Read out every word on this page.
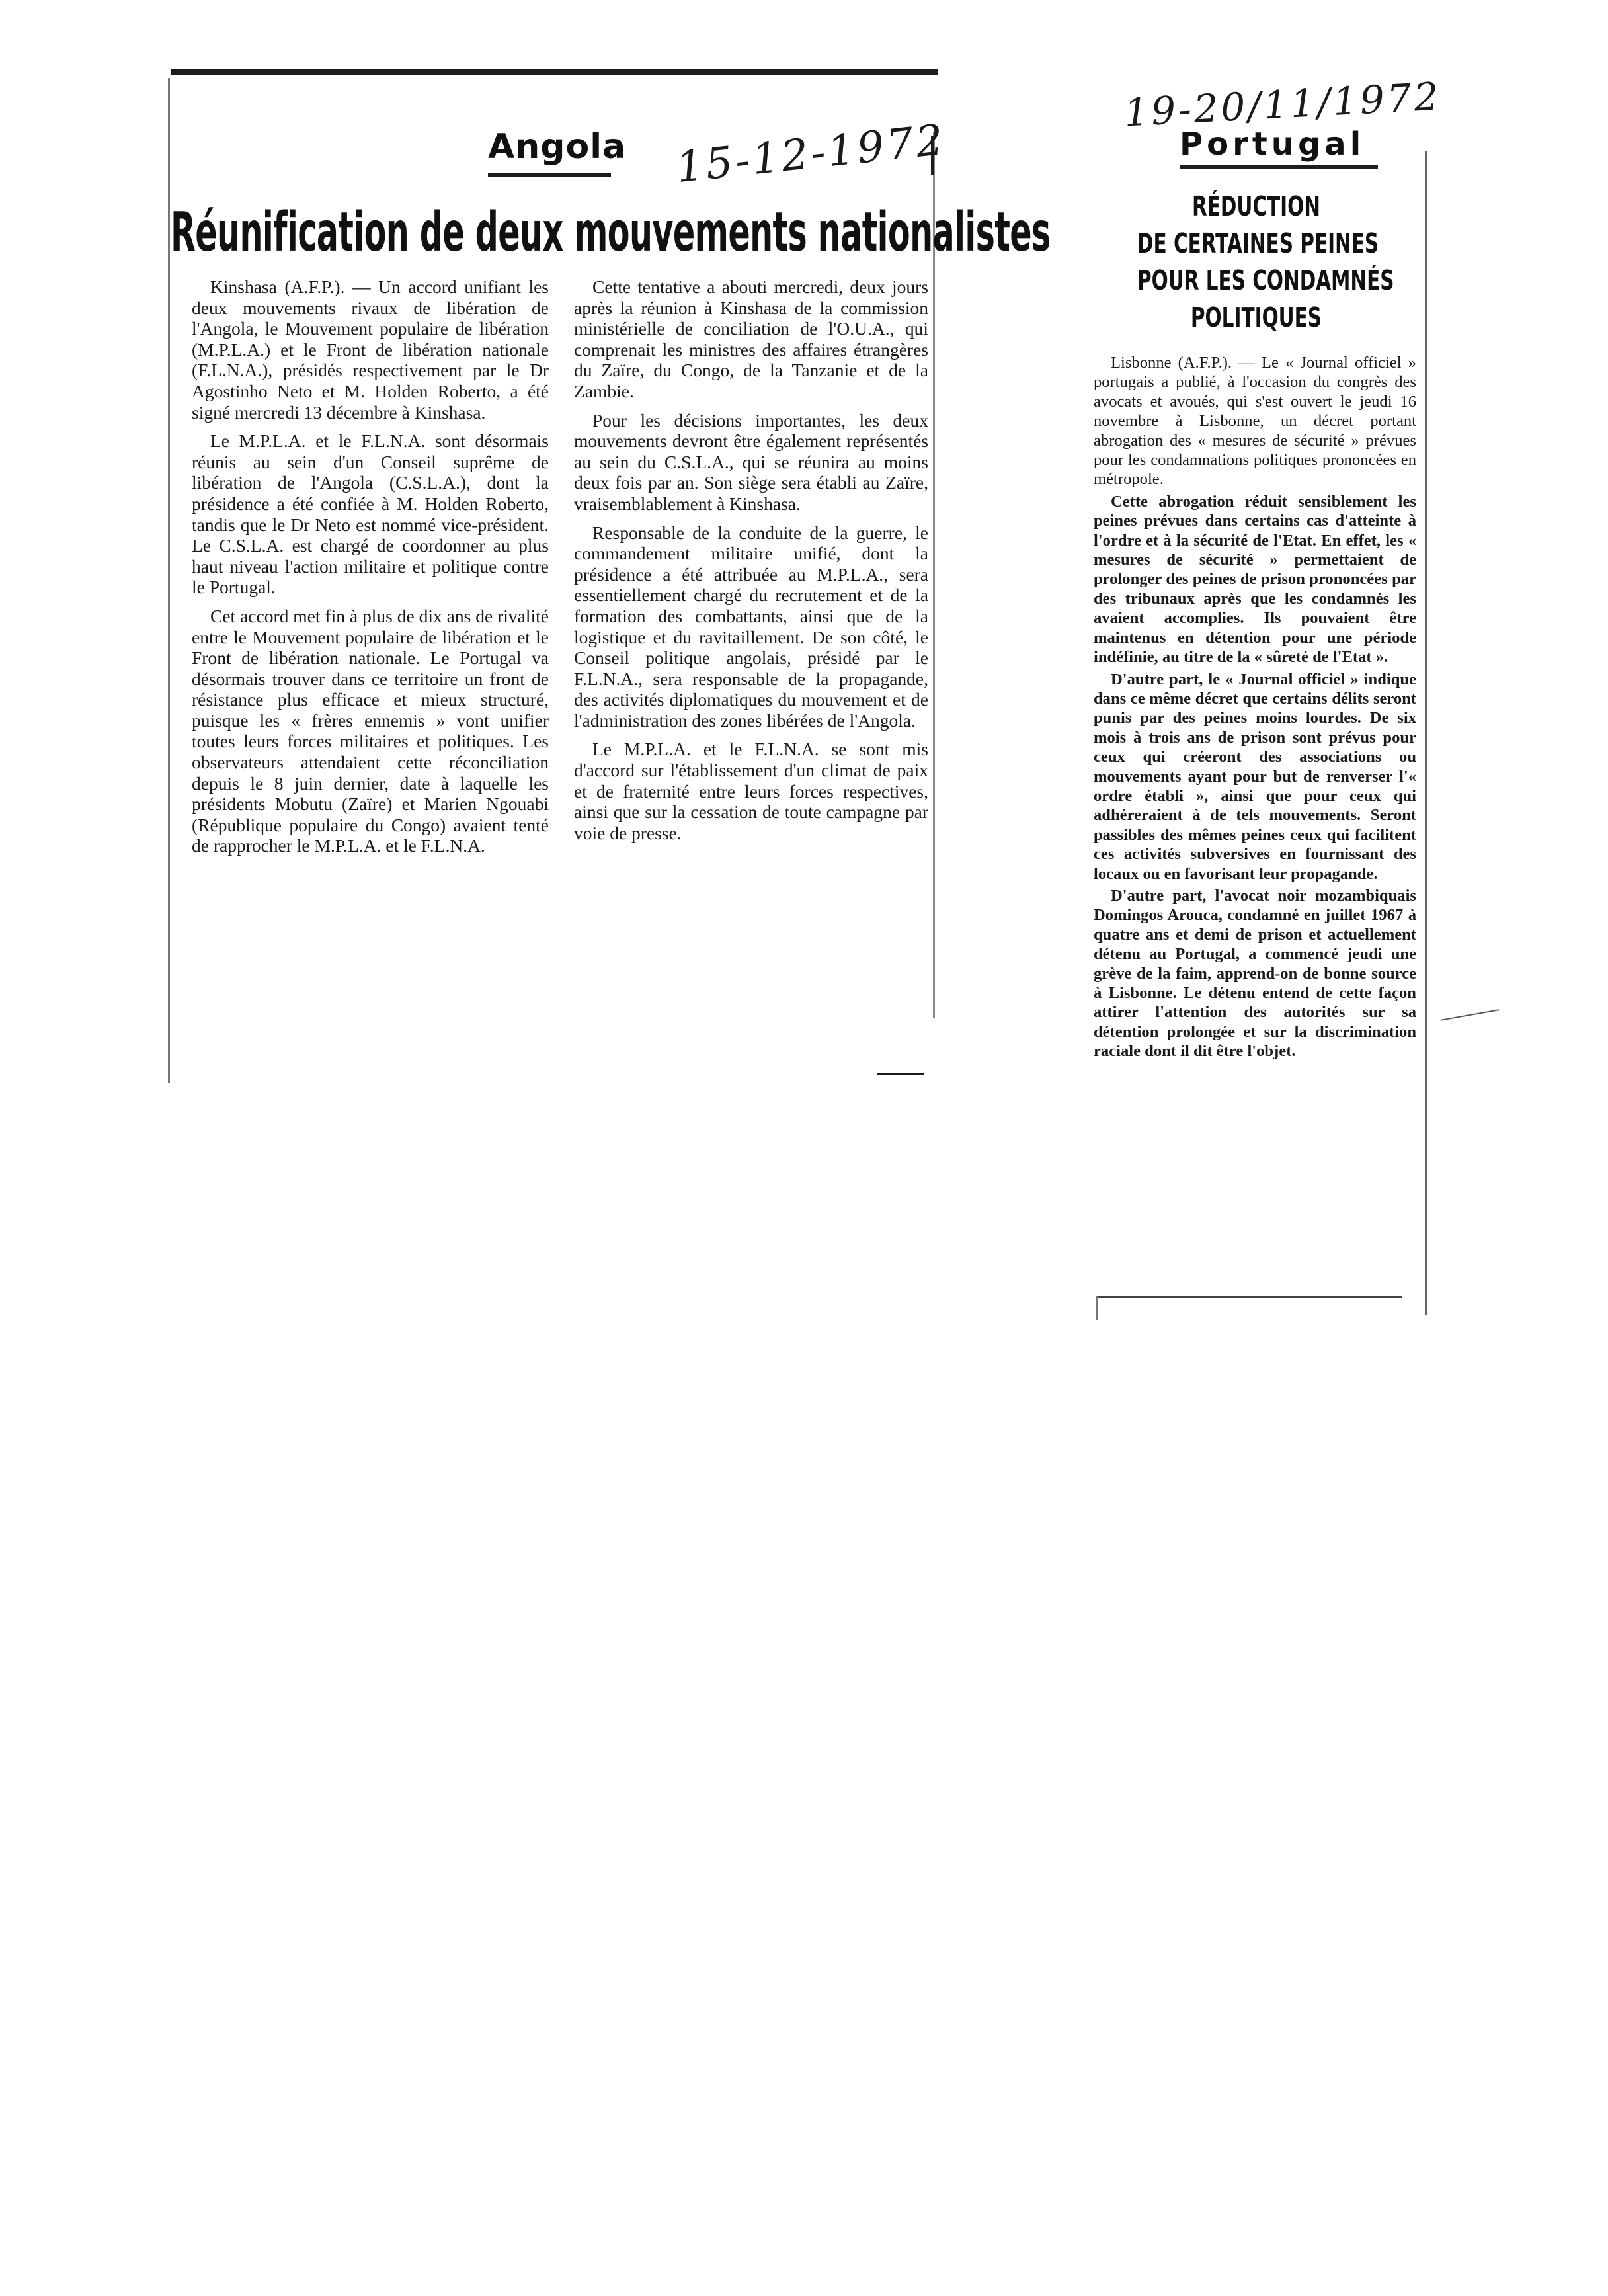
Angola 15-12-1972
Réunification de deux mouvements nationalistes

Kinshasa (A.F.P.). — Un accord unifiant les deux mouvements rivaux de libération de l'Angola, le Mouvement populaire de libération (M.P.L.A.) et le Front de libération nationale (F.L.N.A.), présidés respectivement par le Dr Agostinho Neto et M. Holden Roberto, a été signé mercredi 13 décembre à Kinshasa.

Le M.P.L.A. et le F.L.N.A. sont désormais réunis au sein d'un Conseil suprême de libération de l'Angola (C.S.L.A.), dont la présidence a été confiée à M. Holden Roberto, tandis que le Dr Neto est nommé vice-président. Le C.S.L.A. est chargé de coordonner au plus haut niveau l'action militaire et politique contre le Portugal.

Cet accord met fin à plus de dix ans de rivalité entre le Mouvement populaire de libération et le Front de libération nationale. Le Portugal va désormais trouver dans ce territoire un front de résistance plus efficace et mieux structuré, puisque les « frères ennemis » vont unifier toutes leurs forces militaires et politiques. Les observateurs attendaient cette réconciliation depuis le 8 juin dernier, date à laquelle les présidents Mobutu (Zaïre) et Marien Ngouabi (République populaire du Congo) avaient tenté de rapprocher le M.P.L.A. et le F.L.N.A.

Cette tentative a abouti mercredi, deux jours après la réunion à Kinshasa de la commission ministérielle de conciliation de l'O.U.A., qui comprenait les ministres des affaires étrangères du Zaïre, du Congo, de la Tanzanie et de la Zambie.

Pour les décisions importantes, les deux mouvements devront être également représentés au sein du C.S.L.A., qui se réunira au moins deux fois par an. Son siège sera établi au Zaïre, vraisemblablement à Kinshasa.

Responsable de la conduite de la guerre, le commandement militaire unifié, dont la présidence a été attribuée au M.P.L.A., sera essentiellement chargé du recrutement et de la formation des combattants, ainsi que de la logistique et du ravitaillement. De son côté, le Conseil politique angolais, présidé par le F.L.N.A., sera responsable de la propagande, des activités diplomatiques du mouvement et de l'administration des zones libérées de l'Angola.

Le M.P.L.A. et le F.L.N.A. se sont mis d'accord sur l'établissement d'un climat de paix et de fraternité entre leurs forces respectives, ainsi que sur la cessation de toute campagne par voie de presse.

19-20/11/1972
Portugal
RÉDUCTION
DE CERTAINES PEINES
POUR LES CONDAMNÉS
POLITIQUES

Lisbonne (A.F.P.). — Le « Journal officiel » portugais a publié, à l'occasion du congrès des avocats et avoués, qui s'est ouvert le jeudi 16 novembre à Lisbonne, un décret portant abrogation des « mesures de sécurité » prévues pour les condamnations politiques prononcées en métropole.

Cette abrogation réduit sensiblement les peines prévues dans certains cas d'atteinte à l'ordre et à la sécurité de l'Etat. En effet, les « mesures de sécurité » permettaient de prolonger des peines de prison prononcées par des tribunaux après que les condamnés les avaient accomplies. Ils pouvaient être maintenus en détention pour une période indéfinie, au titre de la « sûreté de l'Etat ».

D'autre part, le « Journal officiel » indique dans ce même décret que certains délits seront punis par des peines moins lourdes. De six mois à trois ans de prison sont prévus pour ceux qui créeront des associations ou mouvements ayant pour but de renverser l'« ordre établi », ainsi que pour ceux qui adhéreraient à de tels mouvements. Seront passibles des mêmes peines ceux qui facilitent ces activités subversives en fournissant des locaux ou en favorisant leur propagande.

D'autre part, l'avocat noir mozambiquais Domingos Arouca, condamné en juillet 1967 à quatre ans et demi de prison et actuellement détenu au Portugal, a commencé jeudi une grève de la faim, apprend-on de bonne source à Lisbonne. Le détenu entend de cette façon attirer l'attention des autorités sur sa détention prolongée et sur la discrimination raciale dont il dit être l'objet.
